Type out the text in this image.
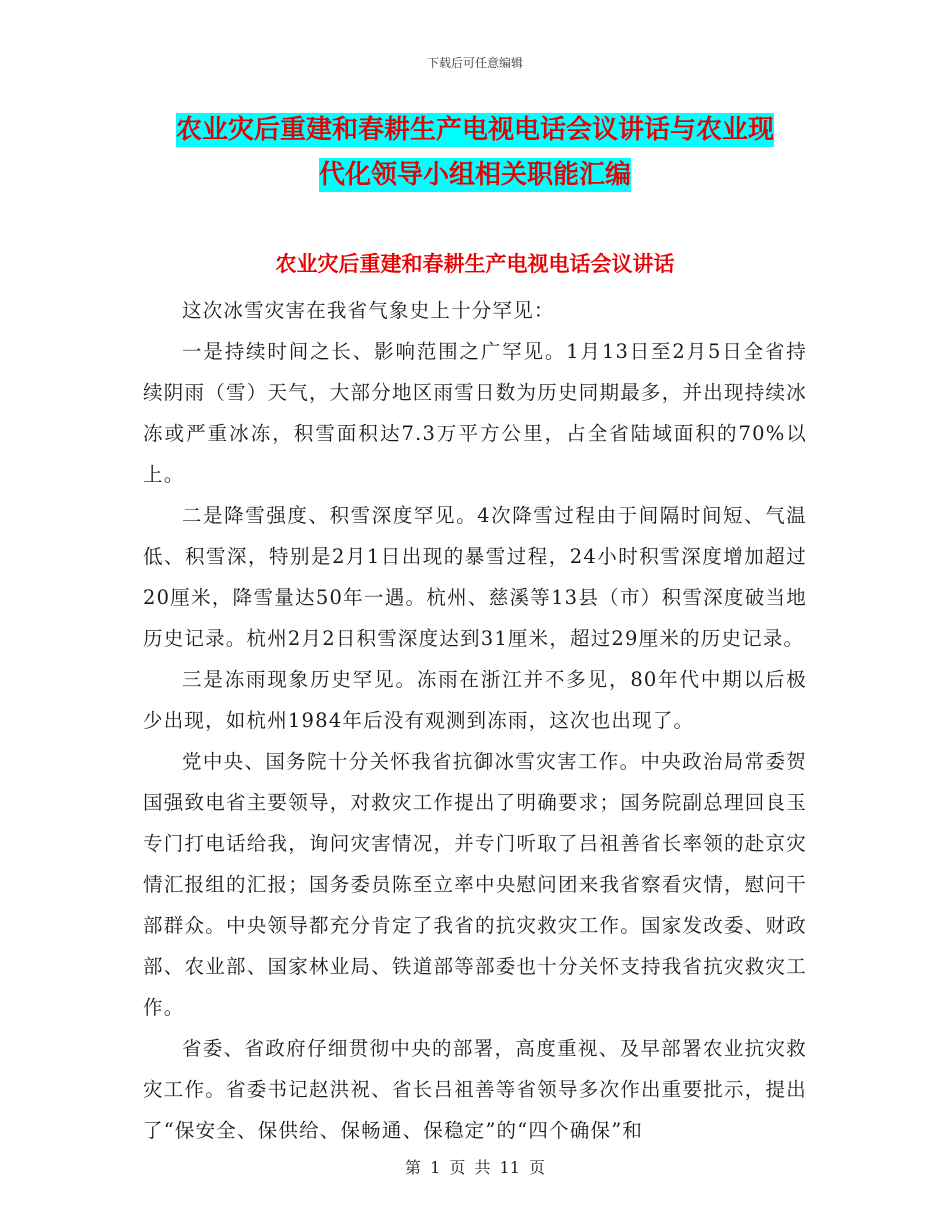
下载后可任意编辑
农业灾后重建和春耕生产电视电话会议讲话与农业现
代化领导小组相关职能汇编
农业灾后重建和春耕生产电视电话会议讲话

这次冰雪灾害在我省气象史上十分罕见：

一是持续时间之长、影响范围之广罕见。1月13日至2月5日全省持续阴雨（雪）天气，大部分地区雨雪日数为历史同期最多，并出现持续冰冻或严重冰冻，积雪面积达7.3万平方公里，占全省陆域面积的70%以上。

二是降雪强度、积雪深度罕见。4次降雪过程由于间隔时间短、气温低、积雪深，特别是2月1日出现的暴雪过程，24小时积雪深度增加超过20厘米，降雪量达50年一遇。杭州、慈溪等13县（市）积雪深度破当地历史记录。杭州2月2日积雪深度达到31厘米，超过29厘米的历史记录。

三是冻雨现象历史罕见。冻雨在浙江并不多见，80年代中期以后极少出现，如杭州1984年后没有观测到冻雨，这次也出现了。

党中央、国务院十分关怀我省抗御冰雪灾害工作。中央政治局常委贺国强致电省主要领导，对救灾工作提出了明确要求；国务院副总理回良玉专门打电话给我，询问灾害情况，并专门听取了吕祖善省长率领的赴京灾情汇报组的汇报；国务委员陈至立率中央慰问团来我省察看灾情，慰问干部群众。中央领导都充分肯定了我省的抗灾救灾工作。国家发改委、财政部、农业部、国家林业局、铁道部等部委也十分关怀支持我省抗灾救灾工作。

省委、省政府仔细贯彻中央的部署，高度重视、及早部署农业抗灾救灾工作。省委书记赵洪祝、省长吕祖善等省领导多次作出重要批示，提出了“保安全、保供给、保畅通、保稳定”的“四个确保”和

第 1 页 共 11 页
